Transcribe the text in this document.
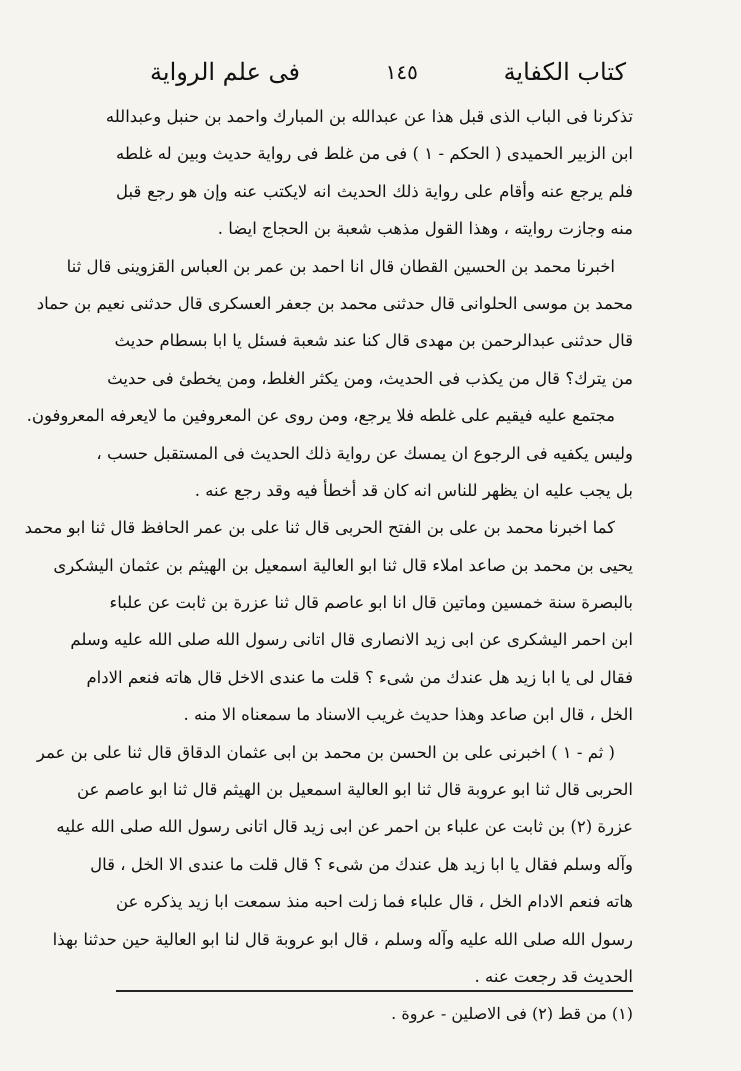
كتاب الكفاية
١٤٥
فى علم الرواية
تذكرنا فى الباب الذى قبل هذا عن عبدالله بن المبارك واحمد بن حنبل وعبدالله
ابن الزبير الحميدى ( الحكم - ١ ) فى من غلط فى رواية حديث وبين له غلطه
فلم يرجع عنه وأقام على رواية ذلك الحديث انه لايكتب عنه وإن هو رجع قبل
منه وجازت روايته ، وهذا القول مذهب شعبة بن الحجاج ايضا .
اخبرنا محمد بن الحسين القطان قال انا احمد بن عمر بن العباس القزوينى قال ثنا
محمد بن موسى الحلوانى قال حدثنى محمد بن جعفر العسكرى قال حدثنى نعيم بن حماد
قال حدثنى عبدالرحمن بن مهدى قال كنا عند شعبة فسئل يا ابا بسطام حديث
من يترك؟ قال من يكذب فى الحديث، ومن يكثر الغلط، ومن يخطئ فى حديث
مجتمع عليه فيقيم على غلطه فلا يرجع، ومن روى عن المعروفين ما لايعرفه المعروفون.
وليس يكفيه فى الرجوع ان يمسك عن رواية ذلك الحديث فى المستقبل حسب ،
بل يجب عليه ان يظهر للناس انه كان قد أخطأ فيه وقد رجع عنه .
كما اخبرنا محمد بن على بن الفتح الحربى قال ثنا على بن عمر الحافظ قال ثنا ابو محمد
يحيى بن محمد بن صاعد املاء قال ثنا ابو العالية اسمعيل بن الهيثم بن عثمان اليشكرى
بالبصرة سنة خمسين وماتين قال انا ابو عاصم قال ثنا عزرة بن ثابت عن علباء
ابن احمر اليشكرى عن ابى زيد الانصارى قال اتانى رسول الله صلى الله عليه وسلم
فقال لى يا ابا زيد هل عندك من شىء ؟ قلت ما عندى الاخل قال هاته فنعم الادام
الخل ، قال ابن صاعد وهذا حديث غريب الاسناد ما سمعناه الا منه .
( ثم - ١ ) اخبرنى على بن الحسن بن محمد بن ابى عثمان الدقاق قال ثنا على بن عمر
الحربى قال ثنا ابو عروبة قال ثنا ابو العالية اسمعيل بن الهيثم قال ثنا ابو عاصم عن
عزرة (٢) بن ثابت عن علباء بن احمر عن ابى زيد قال اتانى رسول الله صلى الله عليه
وآله وسلم فقال يا ابا زيد هل عندك من شىء ؟ قال قلت ما عندى الا الخل ، قال
هاته فنعم الادام الخل ، قال علباء فما زلت احبه منذ سمعت ابا زيد يذكره عن
رسول الله صلى الله عليه وآله وسلم ، قال ابو عروبة قال لنا ابو العالية حين حدثنا بهذا
الحديث قد رجعت عنه .
(١) من قط (٢) فى الاصلين - عروة .
